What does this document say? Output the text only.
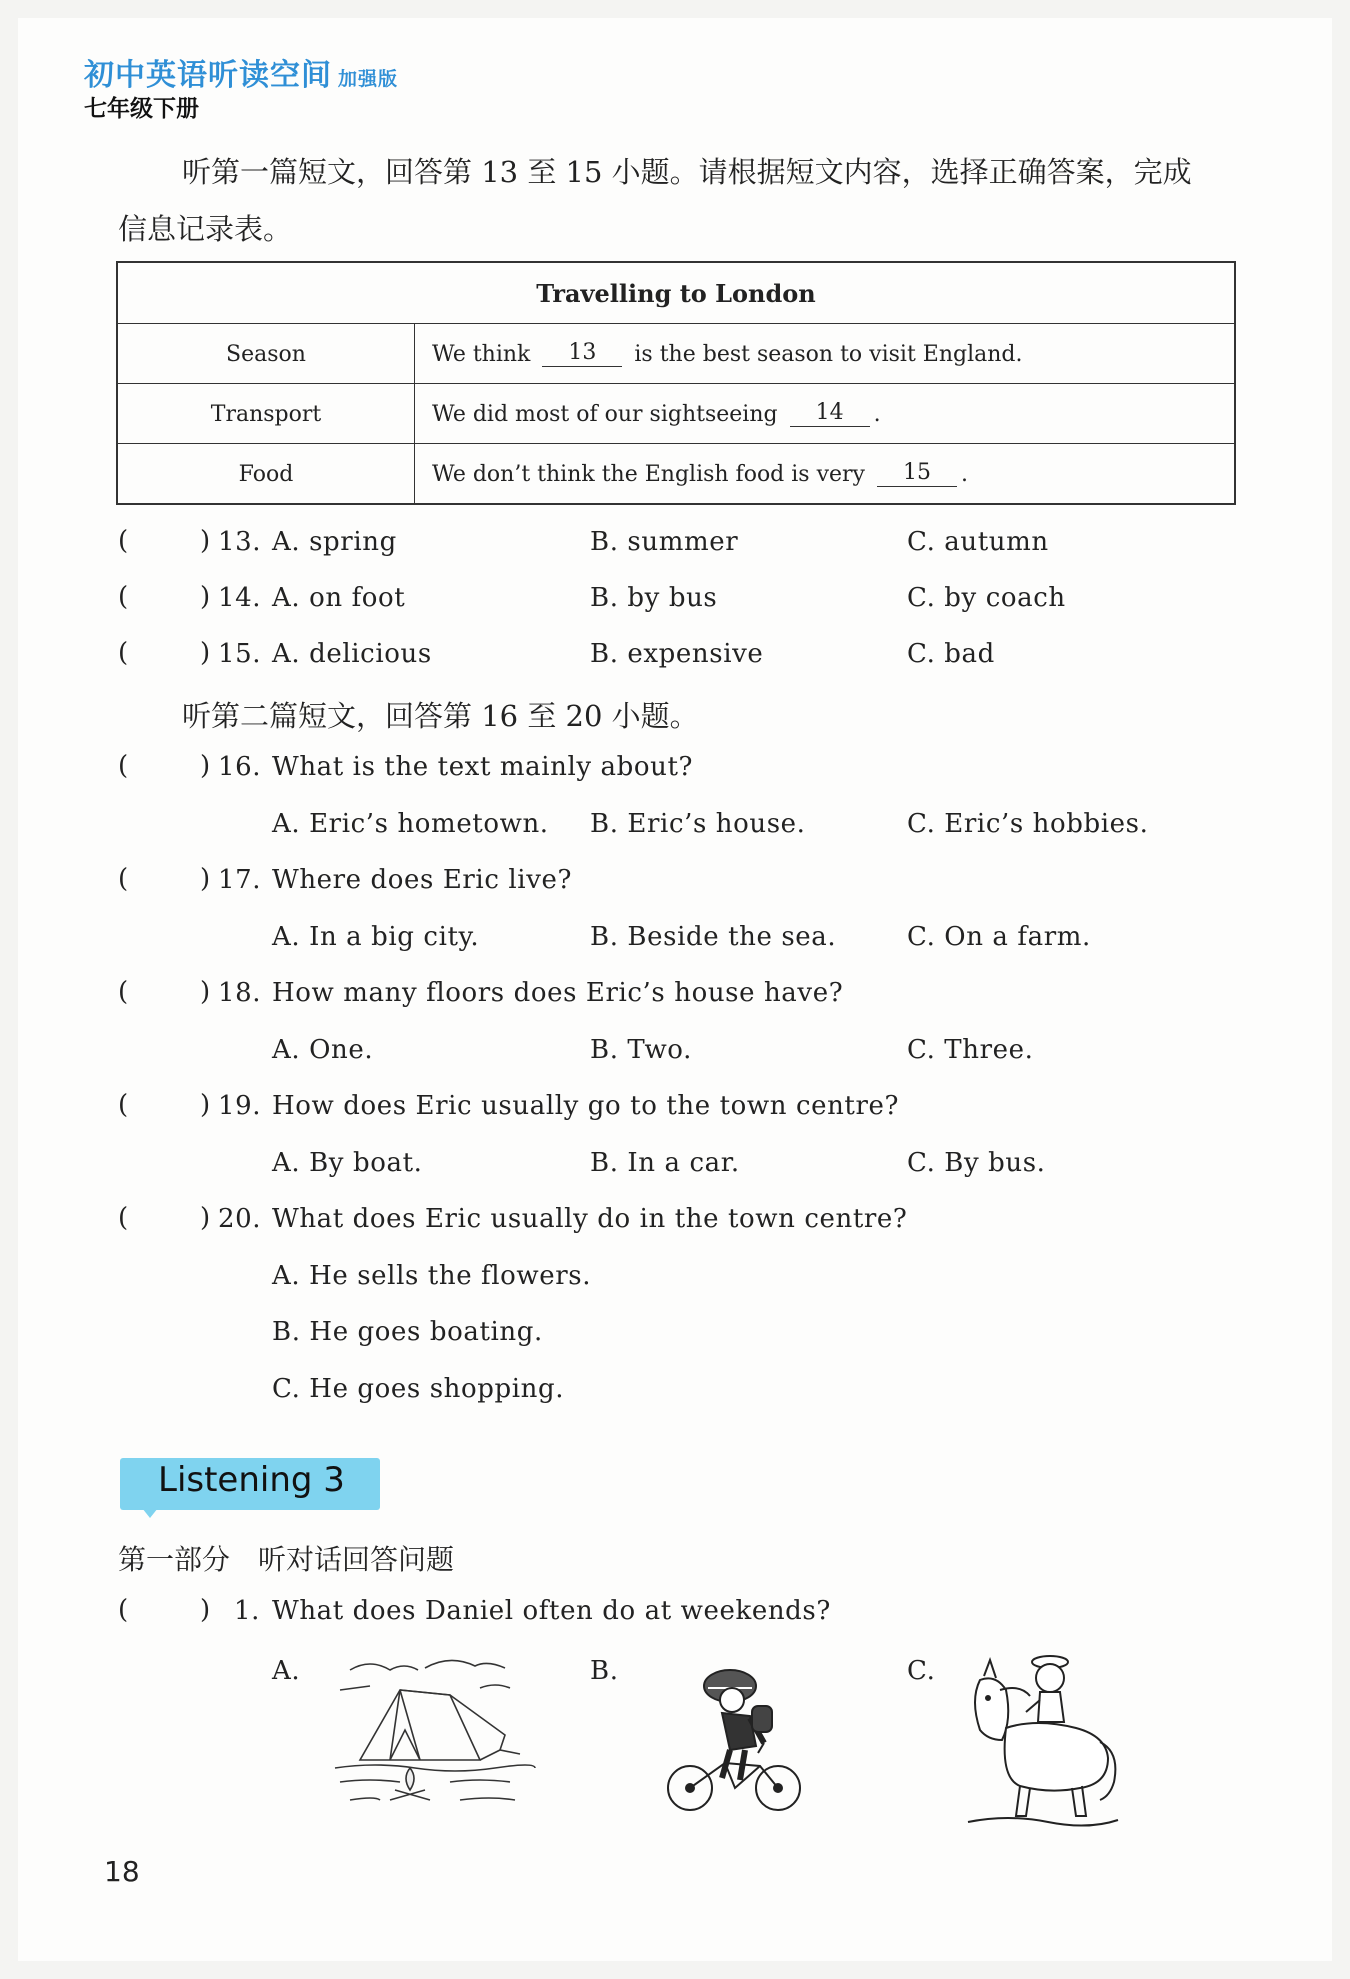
初中英语听读空间 加强版
七年级下册
听第一篇短文，回答第 13 至 15 小题。请根据短文内容，选择正确答案，完成
信息记录表。
Travelling to London
Season	We think	13	is the best season to visit England.
Transport	We did most of our sightseeing	14	.
Food	We don’t think the English food is very	15	.
(	) 13. A. spring	B. summer	C. autumn
(	) 14. A. on foot	B. by bus	C. by coach
(	) 15. A. delicious	B. expensive	C. bad
听第二篇短文，回答第 16 至 20 小题。
(	) 16. What is the text mainly about?
A. Eric’s hometown. B. Eric’s house.	C. Eric’s hobbies.
(	) 17. Where does Eric live?
A. In a big city.	B. Beside the sea.	C. On a farm.
(	) 18. How many floors does Eric’s house have?
A. One.	B. Two.	C. Three.
(	) 19. How does Eric usually go to the town centre?
A. By boat.	B. In a car.	C. By bus.
(	) 20. What does Eric usually do in the town centre?
A. He sells the flowers.
B. He goes boating.
C. He goes shopping.
Listening 3
第一部分　听对话回答问题
(	) 1. What does Daniel often do at weekends?
A.	B.	C.
18
